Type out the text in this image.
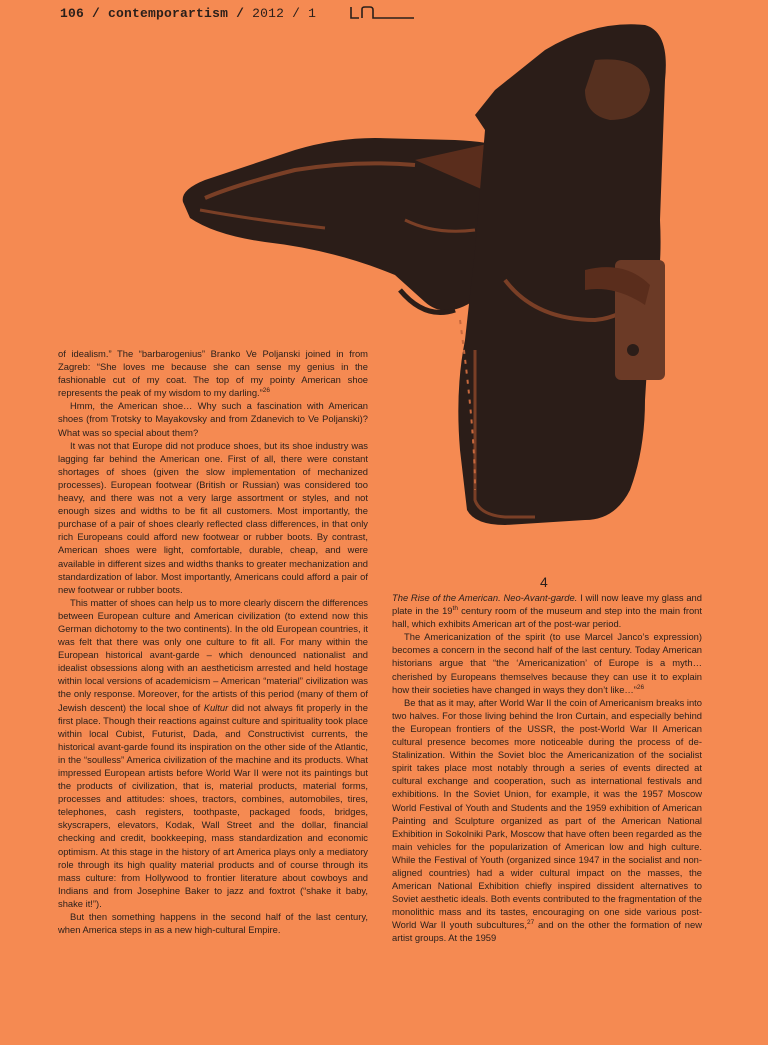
106 / contemporartism / 2012 / 1

of idealism.” The “barbarogenius” Branko Ve Poljanski joined in from Zagreb: “She loves me because she can sense my genius in the fashionable cut of my coat. The top of my pointy American shoe represents the peak of my wisdom to my darling.”$^{26}$

Hmm, the American shoe… Why such a fascination with American shoes (from Trotsky to Mayakovsky and from Zdanevich to Ve Poljanski)? What was so special about them?

It was not that Europe did not produce shoes, but its shoe industry was lagging far behind the American one. First of all, there were constant shortages of shoes (given the slow implementation of mechanized processes). European footwear (British or Russian) was considered too heavy, and there was not a very large assortment or styles, and not enough sizes and widths to be fit all customers. Most importantly, the purchase of a pair of shoes clearly reflected class differences, in that only rich Europeans could afford new footwear or rubber boots. By contrast, American shoes were light, comfortable, durable, cheap, and were available in different sizes and widths thanks to greater mechanization and standardization of labor. Most importantly, Americans could afford a pair of new footwear or rubber boots.

This matter of shoes can help us to more clearly discern the differences between European culture and American civilization (to extend now this German dichotomy to the two continents). In the old European countries, it was felt that there was only one culture to fit all. For many within the European historical avant-garde – which denounced nationalist and idealist obsessions along with an aestheticism arrested and held hostage within local versions of academicism – American “material” civilization was the only response. Moreover, for the artists of this period (many of them of Jewish descent) the local shoe of Kultur did not always fit properly in the first place. Though their reactions against culture and spirituality took place within local Cubist, Futurist, Dada, and Constructivist currents, the historical avant-garde found its inspiration on the other side of the Atlantic, in the “soulless” America civilization of the machine and its products. What impressed European artists before World War II were not its paintings but the products of civilization, that is, material products, material forms, processes and attitudes: shoes, tractors, combines, automobiles, tires, telephones, cash registers, toothpaste, packaged foods, bridges, skyscrapers, elevators, Kodak, Wall Street and the dollar, financial checking and credit, bookkeeping, mass standardization and economic optimism. At this stage in the history of art America plays only a mediatory role through its high quality material products and of course through its mass culture: from Hollywood to frontier literature about cowboys and Indians and from Josephine Baker to jazz and foxtrot (“shake it baby, shake it!”).

But then something happens in the second half of the last century, when America steps in as a new high-cultural Empire.

4

The Rise of the American. Neo-Avant-garde. I will now leave my glass and plate in the 19th century room of the museum and step into the main front hall, which exhibits American art of the post-war period.

The Americanization of the spirit (to use Marcel Janco’s expression) becomes a concern in the second half of the last century. Today American historians argue that “the ‘Americanization’ of Europe is a myth…cherished by Europeans themselves because they can use it to explain how their societies have changed in ways they don’t like…”$^{26}$

Be that as it may, after World War II the coin of Americanism breaks into two halves. For those living behind the Iron Curtain, and especially behind the European frontiers of the USSR, the post-World War II American cultural presence becomes more noticeable during the process of de-Stalinization. Within the Soviet bloc the Americanization of the socialist spirit takes place most notably through a series of events directed at cultural exchange and cooperation, such as international festivals and exhibitions. In the Soviet Union, for example, it was the 1957 Moscow World Festival of Youth and Students and the 1959 exhibition of American Painting and Sculpture organized as part of the American National Exhibition in Sokolniki Park, Moscow that have often been regarded as the main vehicles for the popularization of American low and high culture. While the Festival of Youth (organized since 1947 in the socialist and non-aligned countries) had a wider cultural impact on the masses, the American National Exhibition chiefly inspired dissident alternatives to Soviet aesthetic ideals. Both events contributed to the fragmentation of the monolithic mass and its tastes, encouraging on one side various post-World War II youth subcultures,$^{27}$ and on the other the formation of new artist groups. At the 1959
